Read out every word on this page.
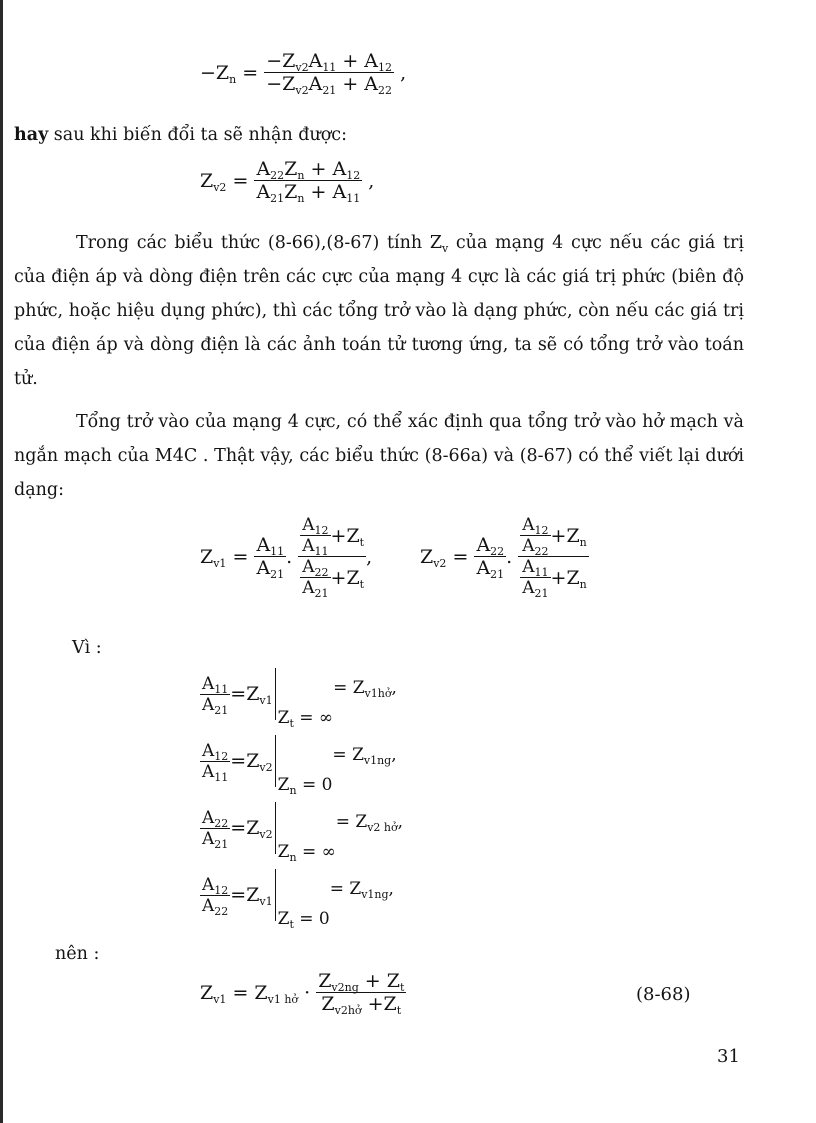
$-Z_n = \frac{-Z_{v2}A_{11} + A_{12}}{-Z_{v2}A_{21} + A_{22}}$ ,
hay sau khi biến đổi ta sẽ nhận được:
$Z_{v2} = \frac{A_{22}Z_n + A_{12}}{A_{21}Z_n + A_{11}}$ ,
Trong các biểu thức (8-66),(8-67) tính $Z_v$ của mạng 4 cực nếu các giá trị của điện áp và dòng điện trên các cực của mạng 4 cực là các giá trị phức (biên độ phức, hoặc hiệu dụng phức), thì các tổng trở vào là dạng phức, còn nếu các giá trị của điện áp và dòng điện là các ảnh toán tử tương ứng, ta sẽ có tổng trở vào toán tử.
Tổng trở vào của mạng 4 cực, có thể xác định qua tổng trở vào hở mạch và ngắn mạch của M4C . Thật vậy, các biểu thức (8-66a) và (8-67) có thể viết lại dưới dạng:
$Z_{v1} = \frac{A_{11}}{A_{21}}$ . $\frac{\frac{A_{12}}{A_{11}} +Z_t}{\frac{A_{22}}{A_{21}} +Z_t}$ ,	$Z_{v2} = \frac{A_{22}}{A_{21}}$ . $\frac{\frac{A_{12}}{A_{22}} +Z_n}{\frac{A_{11}}{A_{21}} +Z_n}$
Vì :
$\frac{A_{11}}{A_{21}} =Z_{v1}Z_t$ = ∞= $Z_{v1hở}$,
$\frac{A_{12}}{A_{11}} =Z_{v2}Z_n = 0= Z_{v1ng}$,
$\frac{A_{22}}{A_{21}} =Z_{v2}Z_n$ = ∞= $Z_{v2 hở}$,
$\frac{A_{12}}{A_{22}} =Z_{v1}Z_t = 0= Z_{v1ng}$,
nên :
$Z_{v1} = Z_{v1 hở} \cdot \frac{Z_{v2ng} + Z_t}{Z_{v2hở} +Z_t}$	(8-68)
31
